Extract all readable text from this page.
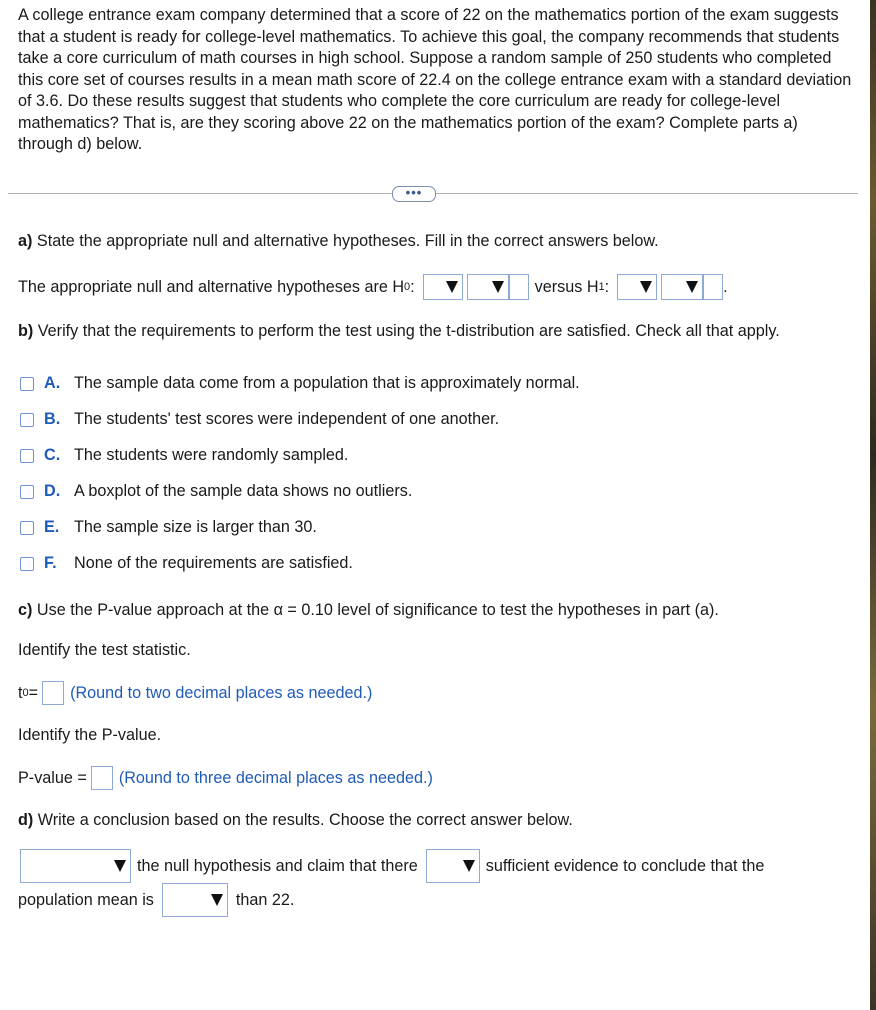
A college entrance exam company determined that a score of 22 on the mathematics portion of the exam suggests that a student is ready for college-level mathematics. To achieve this goal, the company recommends that students take a core curriculum of math courses in high school. Suppose a random sample of 250 students who completed this core set of courses results in a mean math score of 22.4 on the college entrance exam with a standard deviation of 3.6. Do these results suggest that students who complete the core curriculum are ready for college-level mathematics? That is, are they scoring above 22 on the mathematics portion of the exam? Complete parts a) through d) below.
•••
a)
State the appropriate null and alternative hypotheses. Fill in the correct answers below.
The appropriate null and alternative hypotheses are H 0 :	versus H 1 :	.
b)
Verify that the requirements to perform the test using the t-distribution are satisfied. Check all that apply.
A. The sample data come from a population that is approximately normal.
B. The students' test scores were independent of one another.
C. The students were randomly sampled.
D. A boxplot of the sample data shows no outliers.
E. The sample size is larger than 30.
F.	None of the requirements are satisfied.
c)
Use the P-value approach at the α = 0.10 level of significance to test the hypotheses in part (a).
Identify the test statistic.
t 0 = (Round to two decimal places as needed.)
Identify the P-value.
P-value = (Round to three decimal places as needed.)
d)
Write a conclusion based on the results. Choose the correct answer below.
the null hypothesis and claim that there	sufficient evidence to conclude that the
population mean is	than 22.
